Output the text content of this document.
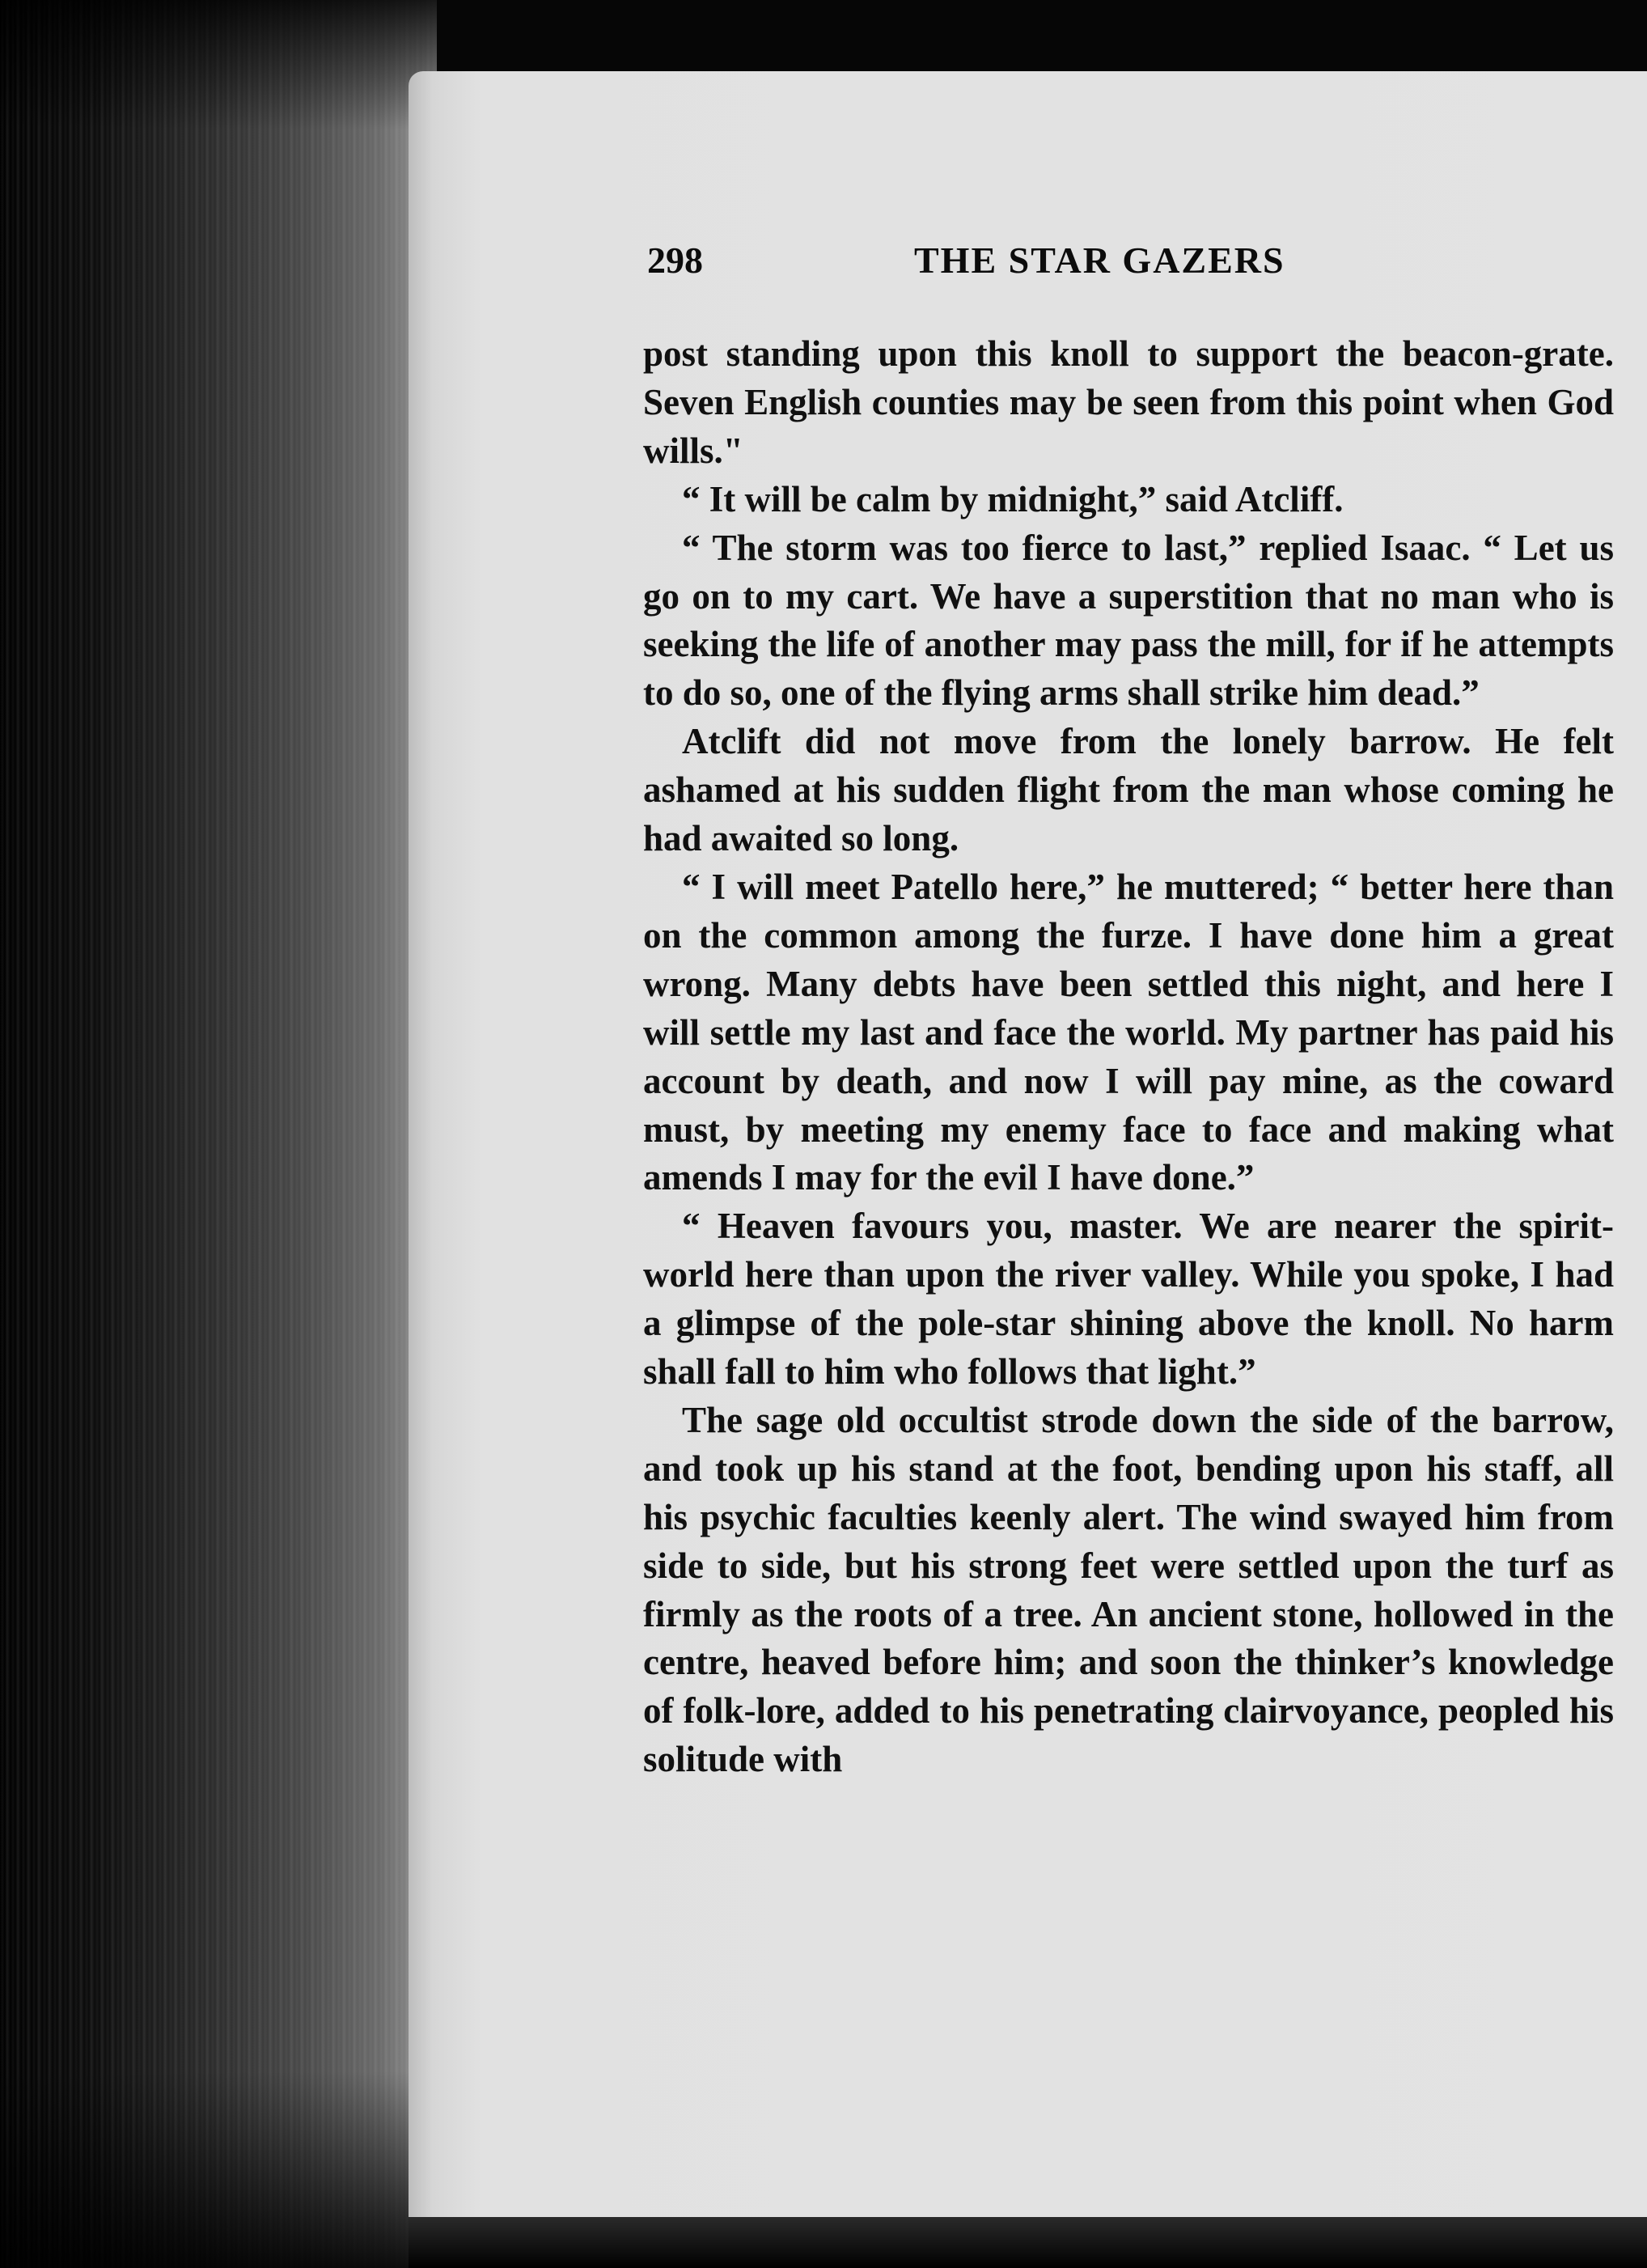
298	THE STAR GAZERS

post standing upon this knoll to support the beacon-grate. Seven English counties may be seen from this point when God wills."

“ It will be calm by midnight,” said Atcliff.

“ The storm was too fierce to last,” replied Isaac. “ Let us go on to my cart. We have a superstition that no man who is seeking the life of another may pass the mill, for if he attempts to do so, one of the flying arms shall strike him dead.”

Atclift did not move from the lonely barrow. He felt ashamed at his sudden flight from the man whose coming he had awaited so long.

“ I will meet Patello here,” he muttered; “ better here than on the common among the furze. I have done him a great wrong. Many debts have been settled this night, and here I will settle my last and face the world. My partner has paid his account by death, and now I will pay mine, as the coward must, by meeting my enemy face to face and making what amends I may for the evil I have done.”

“ Heaven favours you, master. We are nearer the spirit-world here than upon the river valley. While you spoke, I had a glimpse of the pole-star shining above the knoll. No harm shall fall to him who follows that light.”

The sage old occultist strode down the side of the barrow, and took up his stand at the foot, bending upon his staff, all his psychic faculties keenly alert. The wind swayed him from side to side, but his strong feet were settled upon the turf as firmly as the roots of a tree. An ancient stone, hollowed in the centre, heaved before him; and soon the thinker’s knowledge of folk-lore, added to his penetrating clairvoyance, peopled his solitude with
